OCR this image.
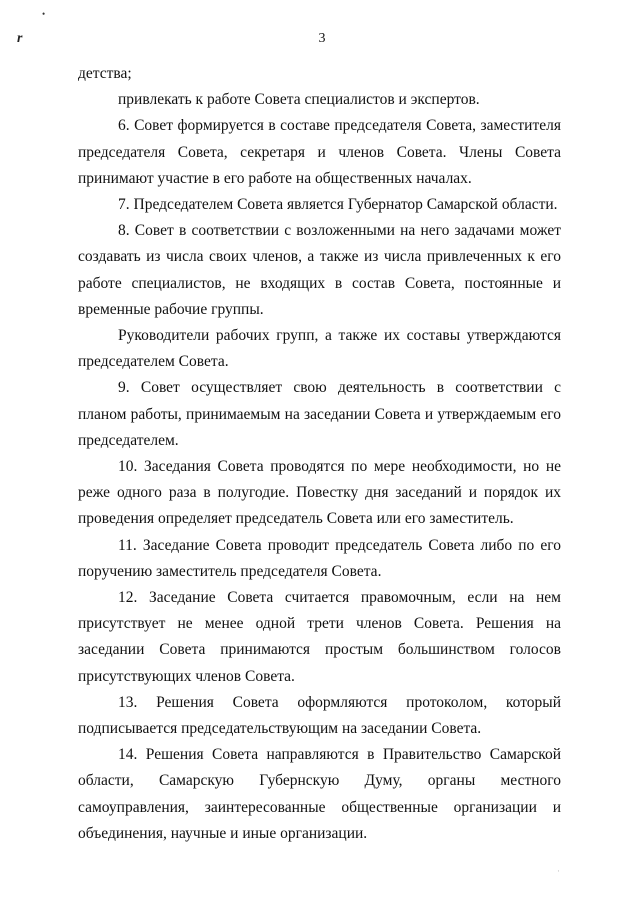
•
r	3

детства;

привлекать к работе Совета специалистов и экспертов.

6. Совет формируется в составе председателя Совета, заместителя председателя Совета, секретаря и членов Совета. Члены Совета принимают участие в его работе на общественных началах.

7. Председателем Совета является Губернатор Самарской области.

8. Совет в соответствии с возложенными на него задачами может создавать из числа своих членов, а также из числа привлеченных к его работе специалистов, не входящих в состав Совета, постоянные и временные рабочие группы.

Руководители рабочих групп, а также их составы утверждаются председателем Совета.

9. Совет осуществляет свою деятельность в соответствии с планом работы, принимаемым на заседании Совета и утверждаемым его председателем.

10. Заседания Совета проводятся по мере необходимости, но не реже одного раза в полугодие. Повестку дня заседаний и порядок их проведения определяет председатель Совета или его заместитель.

11. Заседание Совета проводит председатель Совета либо по его поручению заместитель председателя Совета.

12. Заседание Совета считается правомочным, если на нем присутствует не менее одной трети членов Совета. Решения на заседании Совета принимаются простым большинством голосов присутствующих членов Совета.

13. Решения Совета оформляются протоколом, который подписывается председательствующим на заседании Совета.

14. Решения Совета направляются в Правительство Самарской области, Самарскую Губернскую Думу, органы местного самоуправления, заинтересованные общественные организации и объединения, научные и иные организации.

·
